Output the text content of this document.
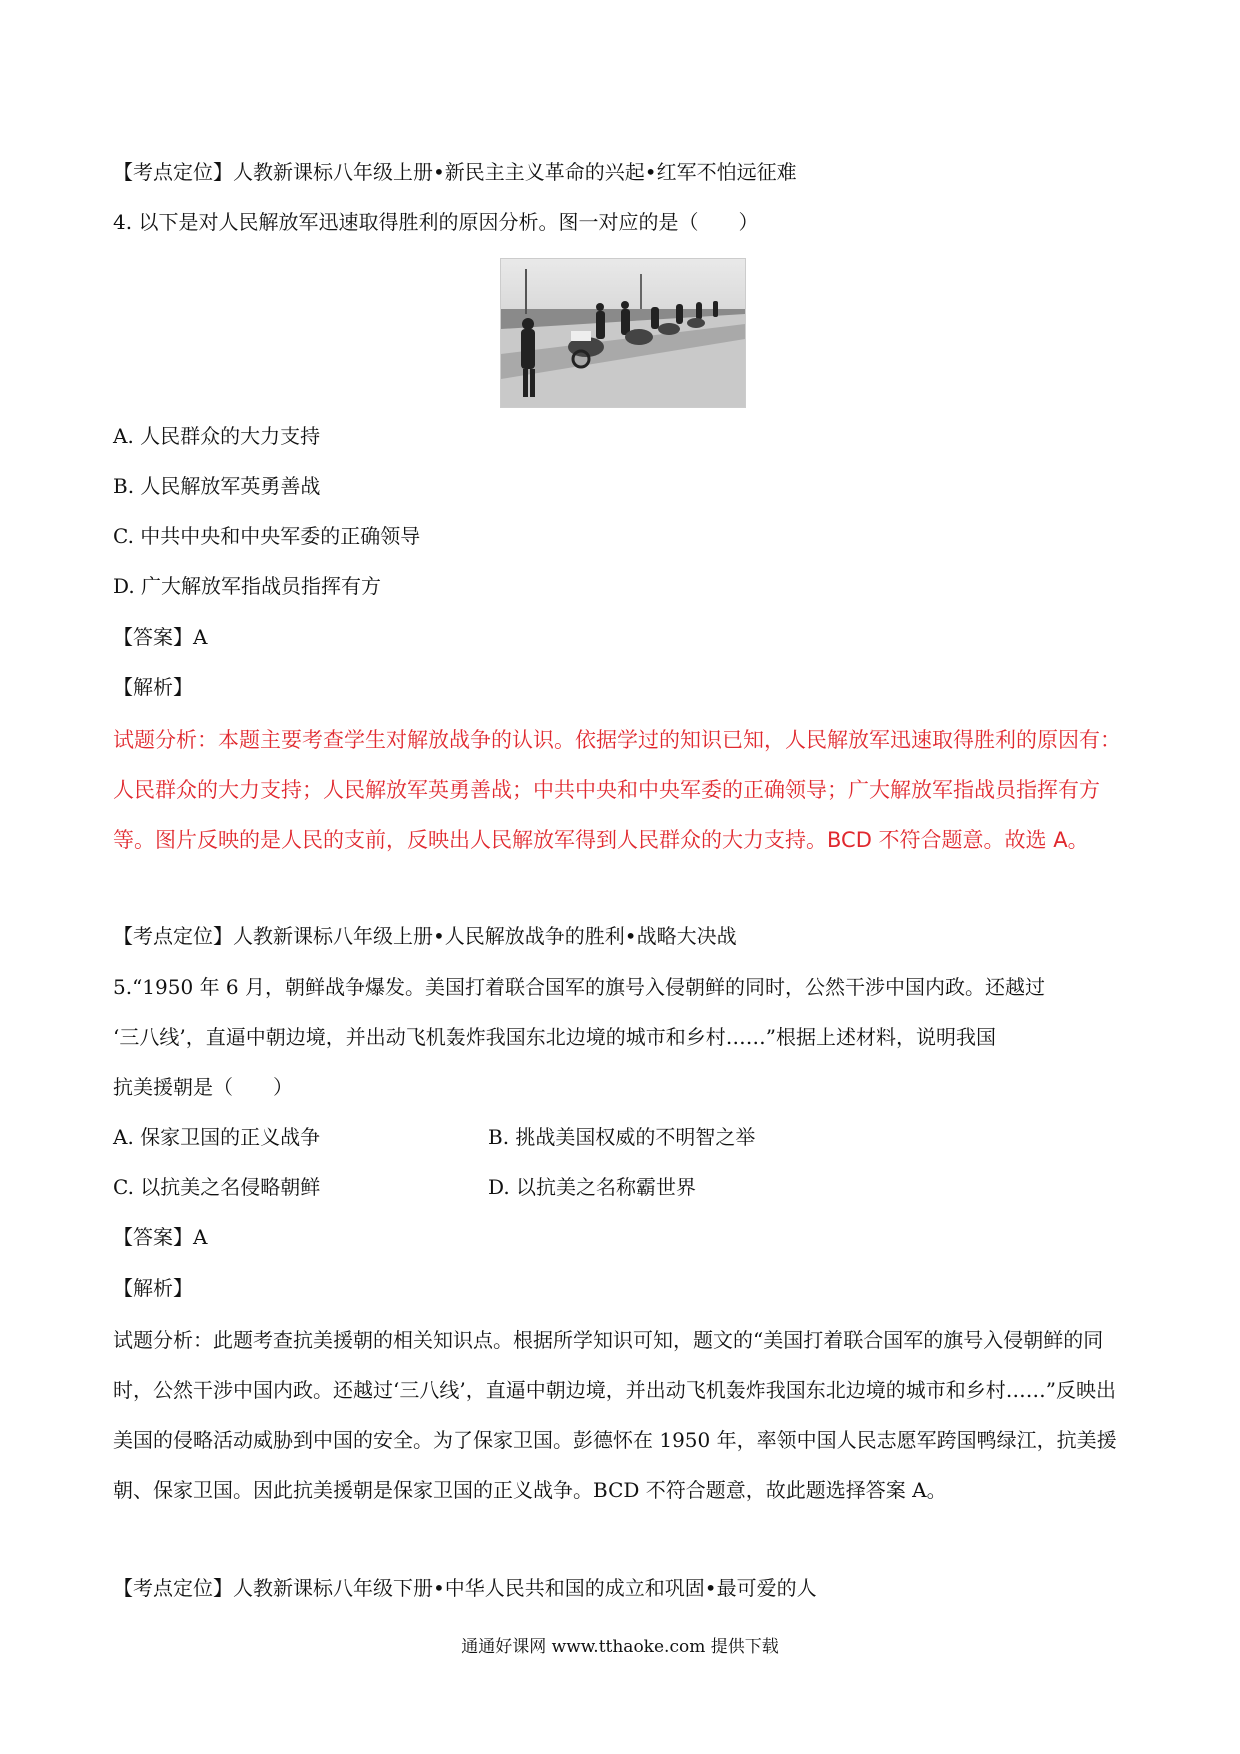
【考点定位】人教新课标八年级上册•新民主主义革命的兴起•红军不怕远征难
4. 以下是对人民解放军迅速取得胜利的原因分析。图一对应的是（　　）
A. 人民群众的大力支持
B. 人民解放军英勇善战
C. 中共中央和中央军委的正确领导
D. 广大解放军指战员指挥有方
【答案】A
【解析】
试题分析：本题主要考查学生对解放战争的认识。依据学过的知识已知，人民解放军迅速取得胜利的原因有：人民群众的大力支持；人民解放军英勇善战；中共中央和中央军委的正确领导；广大解放军指战员指挥有方等。图片反映的是人民的支前，反映出人民解放军得到人民群众的大力支持。BCD 不符合题意。故选 A。
【考点定位】人教新课标八年级上册•人民解放战争的胜利•战略大决战
5.“1950 年 6 月，朝鲜战争爆发。美国打着联合国军的旗号入侵朝鲜的同时，公然干涉中国内政。还越过
‘三八线’，直逼中朝边境，并出动飞机轰炸我国东北边境的城市和乡村……”根据上述材料，说明我国
抗美援朝是（　　）
A. 保家卫国的正义战争	B. 挑战美国权威的不明智之举
C. 以抗美之名侵略朝鲜	D. 以抗美之名称霸世界
【答案】A
【解析】
试题分析：此题考查抗美援朝的相关知识点。根据所学知识可知，题文的“美国打着联合国军的旗号入侵朝鲜的同时，公然干涉中国内政。还越过‘三八线’，直逼中朝边境，并出动飞机轰炸我国东北边境的城市和乡村……”反映出美国的侵略活动威胁到中国的安全。为了保家卫国。彭德怀在 1950 年，率领中国人民志愿军跨国鸭绿江，抗美援朝、保家卫国。因此抗美援朝是保家卫国的正义战争。BCD 不符合题意，故此题选择答案 A。
【考点定位】人教新课标八年级下册•中华人民共和国的成立和巩固•最可爱的人
通通好课网 www.tthaoke.com 提供下载
